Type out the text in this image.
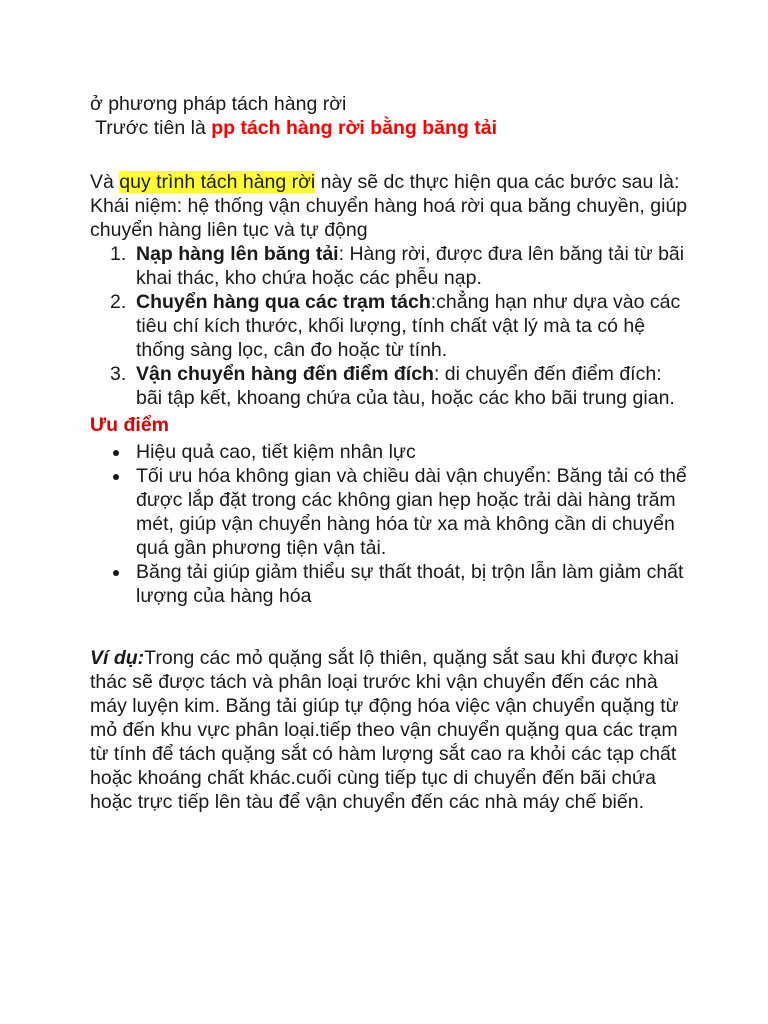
ở phương pháp tách hàng rời

Trước tiên là pp tách hàng rời bằng băng tải

Và quy trình tách hàng rời này sẽ dc thực hiện qua các bước sau là:

Khái niệm: hệ thống vận chuyển hàng hoá rời qua băng chuyền, giúp chuyển hàng liên tục và tự động

1. Nạp hàng lên băng tải: Hàng rời, được đưa lên băng tải từ bãi khai thác, kho chứa hoặc các phễu nạp.
2. Chuyển hàng qua các trạm tách:chẳng hạn như dựa vào các tiêu chí kích thước, khối lượng, tính chất vật lý mà ta có hệ thống sàng lọc, cân đo hoặc từ tính.
3. Vận chuyển hàng đến điểm đích: di chuyển đến điểm đích: bãi tập kết, khoang chứa của tàu, hoặc các kho bãi trung gian.

Ưu điểm

Hiệu quả cao, tiết kiệm nhân lực
Tối ưu hóa không gian và chiều dài vận chuyển: Băng tải có thể được lắp đặt trong các không gian hẹp hoặc trải dài hàng trăm mét, giúp vận chuyển hàng hóa từ xa mà không cần di chuyển quá gần phương tiện vận tải.
Băng tải giúp giảm thiểu sự thất thoát, bị trộn lẫn làm giảm chất lượng của hàng hóa

Ví dụ:Trong các mỏ quặng sắt lộ thiên, quặng sắt sau khi được khai thác sẽ được tách và phân loại trước khi vận chuyển đến các nhà máy luyện kim. Băng tải giúp tự động hóa việc vận chuyển quặng từ mỏ đến khu vực phân loại.tiếp theo vận chuyển quặng qua các trạm từ tính để tách quặng sắt có hàm lượng sắt cao ra khỏi các tạp chất hoặc khoáng chất khác.cuối cùng tiếp tục di chuyển đến bãi chứa hoặc trực tiếp lên tàu để vận chuyển đến các nhà máy chế biến.
